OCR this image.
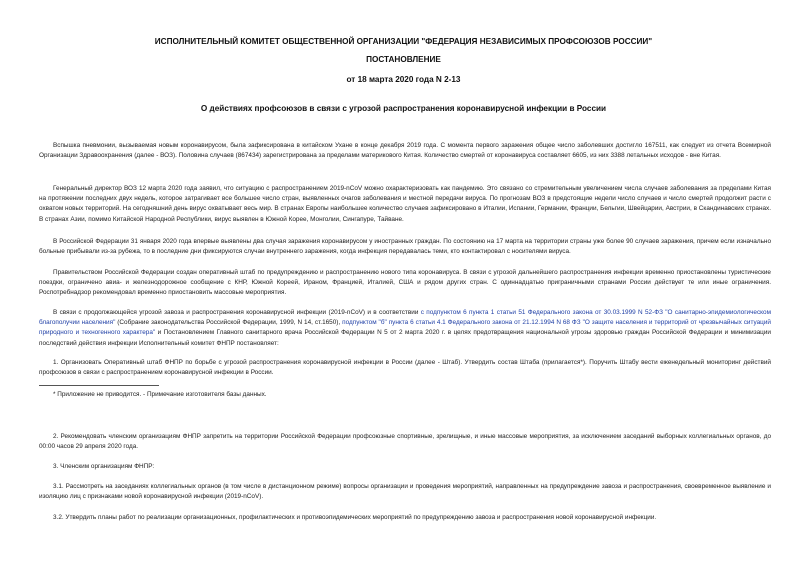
ИСПОЛНИТЕЛЬНЫЙ КОМИТЕТ ОБЩЕСТВЕННОЙ ОРГАНИЗАЦИИ "ФЕДЕРАЦИЯ НЕЗАВИСИМЫХ ПРОФСОЮЗОВ РОССИИ"
ПОСТАНОВЛЕНИЕ
от 18 марта 2020 года N 2-13
О действиях профсоюзов в связи с угрозой распространения коронавирусной инфекции в России
Вспышка пневмонии, вызываемая новым коронавирусом, была зафиксирована в китайском Ухане в конце декабря 2019 года. С момента первого заражения общее число заболевших достигло 167511, как следует из отчета Всемирной Организации Здравоохранения (далее - ВОЗ). Половина случаев (867434) зарегистрирована за пределами материкового Китая. Количество смертей от коронавируса составляет 6605, из них 3388 летальных исходов - вне Китая.
Генеральный директор ВОЗ 12 марта 2020 года заявил, что ситуацию с распространением 2019-nCoV можно охарактеризовать как пандемию. Это связано со стремительным увеличением числа случаев заболевания за пределами Китая на протяжении последних двух недель, которое затрагивает все большее число стран, выявленных очагов заболевания и местной передачи вируса. По прогнозам ВОЗ в предстоящие недели число случаев и число смертей продолжит расти с охватом новых территорий. На сегодняшний день вирус охватывает весь мир. В странах Европы наибольшее количество случаев зафиксировано в Италии, Испании, Германии, Франции, Бельгии, Швейцарии, Австрии, в Скандинавских странах. В странах Азии, помимо Китайской Народной Республики, вирус выявлен в Южной Корее, Монголии, Сингапуре, Тайване.
В Российской Федерации 31 января 2020 года впервые выявлены два случая заражения коронавирусом у иностранных граждан. По состоянию на 17 марта на территории страны уже более 90 случаев заражения, причем если изначально больные прибывали из-за рубежа, то в последние дни фиксируются случаи внутреннего заражения, когда инфекция передавалась теми, кто контактировал с носителями вируса.
Правительством Российской Федерации создан оперативный штаб по предупреждению и распространению нового типа коронавируса. В связи с угрозой дальнейшего распространения инфекции временно приостановлены туристические поездки, ограничено авиа- и железнодорожное сообщение с КНР, Южной Кореей, Ираном, Францией, Италией, США и рядом других стран. С одиннадцатью приграничными странами России действует те или иные ограничения. Роспотребнадзор рекомендовал временно приостановить массовые мероприятия.
В связи с продолжающейся угрозой завоза и распространения коронавирусной инфекции (2019-nCoV) и в соответствии с подпунктом 6 пункта 1 статьи 51 Федерального закона от 30.03.1999 N 52-ФЗ "О санитарно-эпидемиологическом благополучии населения" (Собрание законодательства Российской Федерации, 1999, N 14, ст.1650), подпунктом "б" пункта 6 статьи 4.1 Федерального закона от 21.12.1994 N 68 ФЗ "О защите населения и территорий от чрезвычайных ситуаций природного и техногенного характера" и Постановлением Главного санитарного врача Российской Федерации N 5 от 2 марта 2020 г. в целях предотвращения национальной угрозы здоровью граждан Российской Федерации и минимизации последствий действия инфекции Исполнительный комитет ФНПР постановляет:
1. Организовать Оперативный штаб ФНПР по борьбе с угрозой распространения коронавирусной инфекции в России (далее - Штаб). Утвердить состав Штаба (прилагается*). Поручить Штабу вести еженедельный мониторинг действий профсоюзов в связи с распространением коронавирусной инфекции в России.
* Приложение не приводится. - Примечание изготовителя базы данных.
2. Рекомендовать членским организациям ФНПР запретить на территории Российской Федерации профсоюзные спортивные, зрелищные, и иные массовые мероприятия, за исключением заседаний выборных коллегиальных органов, до 00:00 часов 29 апреля 2020 года.
3. Членским организациям ФНПР:
3.1. Рассмотреть на заседаниях коллегиальных органов (в том числе в дистанционном режиме) вопросы организации и проведения мероприятий, направленных на предупреждение завоза и распространения, своевременное выявление и изоляцию лиц с признаками новой коронавирусной инфекции (2019-nCoV).
3.2. Утвердить планы работ по реализации организационных, профилактических и противоэпидемических мероприятий по предупреждению завоза и распространения новой коронавирусной инфекции.
